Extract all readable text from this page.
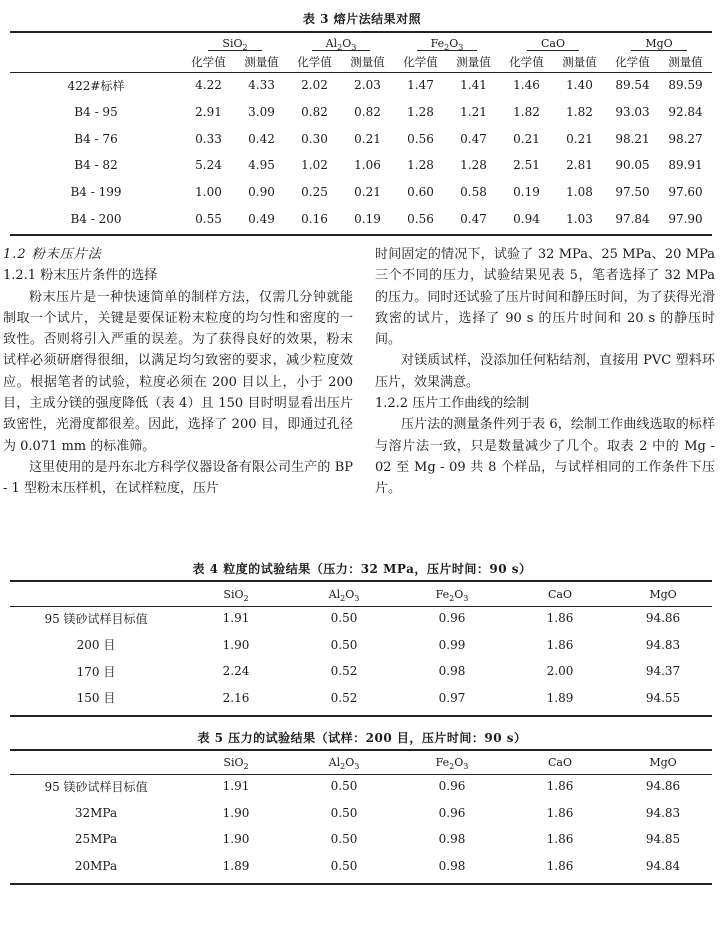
表 3 熔片法结果对照
	SiO$_2$		$Al_2O_3$		$Fe_2O_3$		CaO		MgO	
	化学值	测量值	化学值	测量值	化学值	测量值	化学值	测量值	化学值	测量值
422#标样	4.22	4.33	2.02	2.03	1.47	1.41	1.46	1.40	89.54	89.59
B4 - 95	2.91	3.09	0.82	0.82	1.28	1.21	1.82	1.82	93.03	92.84
B4 - 76	0.33	0.42	0.30	0.21	0.56	0.47	0.21	0.21	98.21	98.27
B4 - 82	5.24	4.95	1.02	1.06	1.28	1.28	2.51	2.81	90.05	89.91
B4 - 199	1.00	0.90	0.25	0.21	0.60	0.58	0.19	1.08	97.50	97.60
B4 - 200	0.55	0.49	0.16	0.19	0.56	0.47	0.94	1.03	97.84	97.90

1.2 粉末压片法

1.2.1 粉末压片条件的选择

粉末压片是一种快速简单的制样方法，仅需几分钟就能制取一个试片，关键是要保证粉末粒度的均匀性和密度的一致性。否则将引入严重的误差。为了获得良好的效果，粉末试样必须研磨得很细，以满足均匀致密的要求，减少粒度效应。根据笔者的试验，粒度必须在 200 目以上，小于 200 目，主成分镁的强度降低（表 4）且 150 目时明显看出压片致密性，光滑度都很差。因此，选择了 200 目，即通过孔径为 0.071 mm 的标准筛。

这里使用的是丹东北方科学仪器设备有限公司生产的 BP - 1 型粉末压样机，在试样粒度，压片

时间固定的情况下，试验了 32 MPa、25 MPa、20 MPa 三个不同的压力，试验结果见表 5，笔者选择了 32 MPa 的压力。同时还试验了压片时间和静压时间，为了获得光滑致密的试片，选择了 90 s 的压片时间和 20 s 的静压时间。

对镁质试样，没添加任何粘结剂，直接用 PVC 塑料环压片，效果满意。

1.2.2 压片工作曲线的绘制

压片法的测量条件列于表 6，绘制工作曲线选取的标样与溶片法一致，只是数量减少了几个。取表 2 中的 Mg - 02 至 Mg - 09 共 8 个样品，与试样相同的工作条件下压片。

表 4 粒度的试验结果（压力：32 MPa，压片时间：90 s）
	SiO$_2$	$Al_2O_3$	$Fe_2O_3$	CaO	MgO
95 镁砂试样目标值	1.91	0.50	0.96	1.86	94.86
200 目	1.90	0.50	0.99	1.86	94.83
170 目	2.24	0.52	0.98	2.00	94.37
150 目	2.16	0.52	0.97	1.89	94.55
表 5 压力的试验结果（试样：200 目，压片时间：90 s）
	SiO$_2$	$Al_2O_3$	$Fe_2O_3$	CaO	MgO
95 镁砂试样目标值	1.91	0.50	0.96	1.86	94.86
32MPa	1.90	0.50	0.96	1.86	94.83
25MPa	1.90	0.50	0.98	1.86	94.85
20MPa	1.89	0.50	0.98	1.86	94.84
